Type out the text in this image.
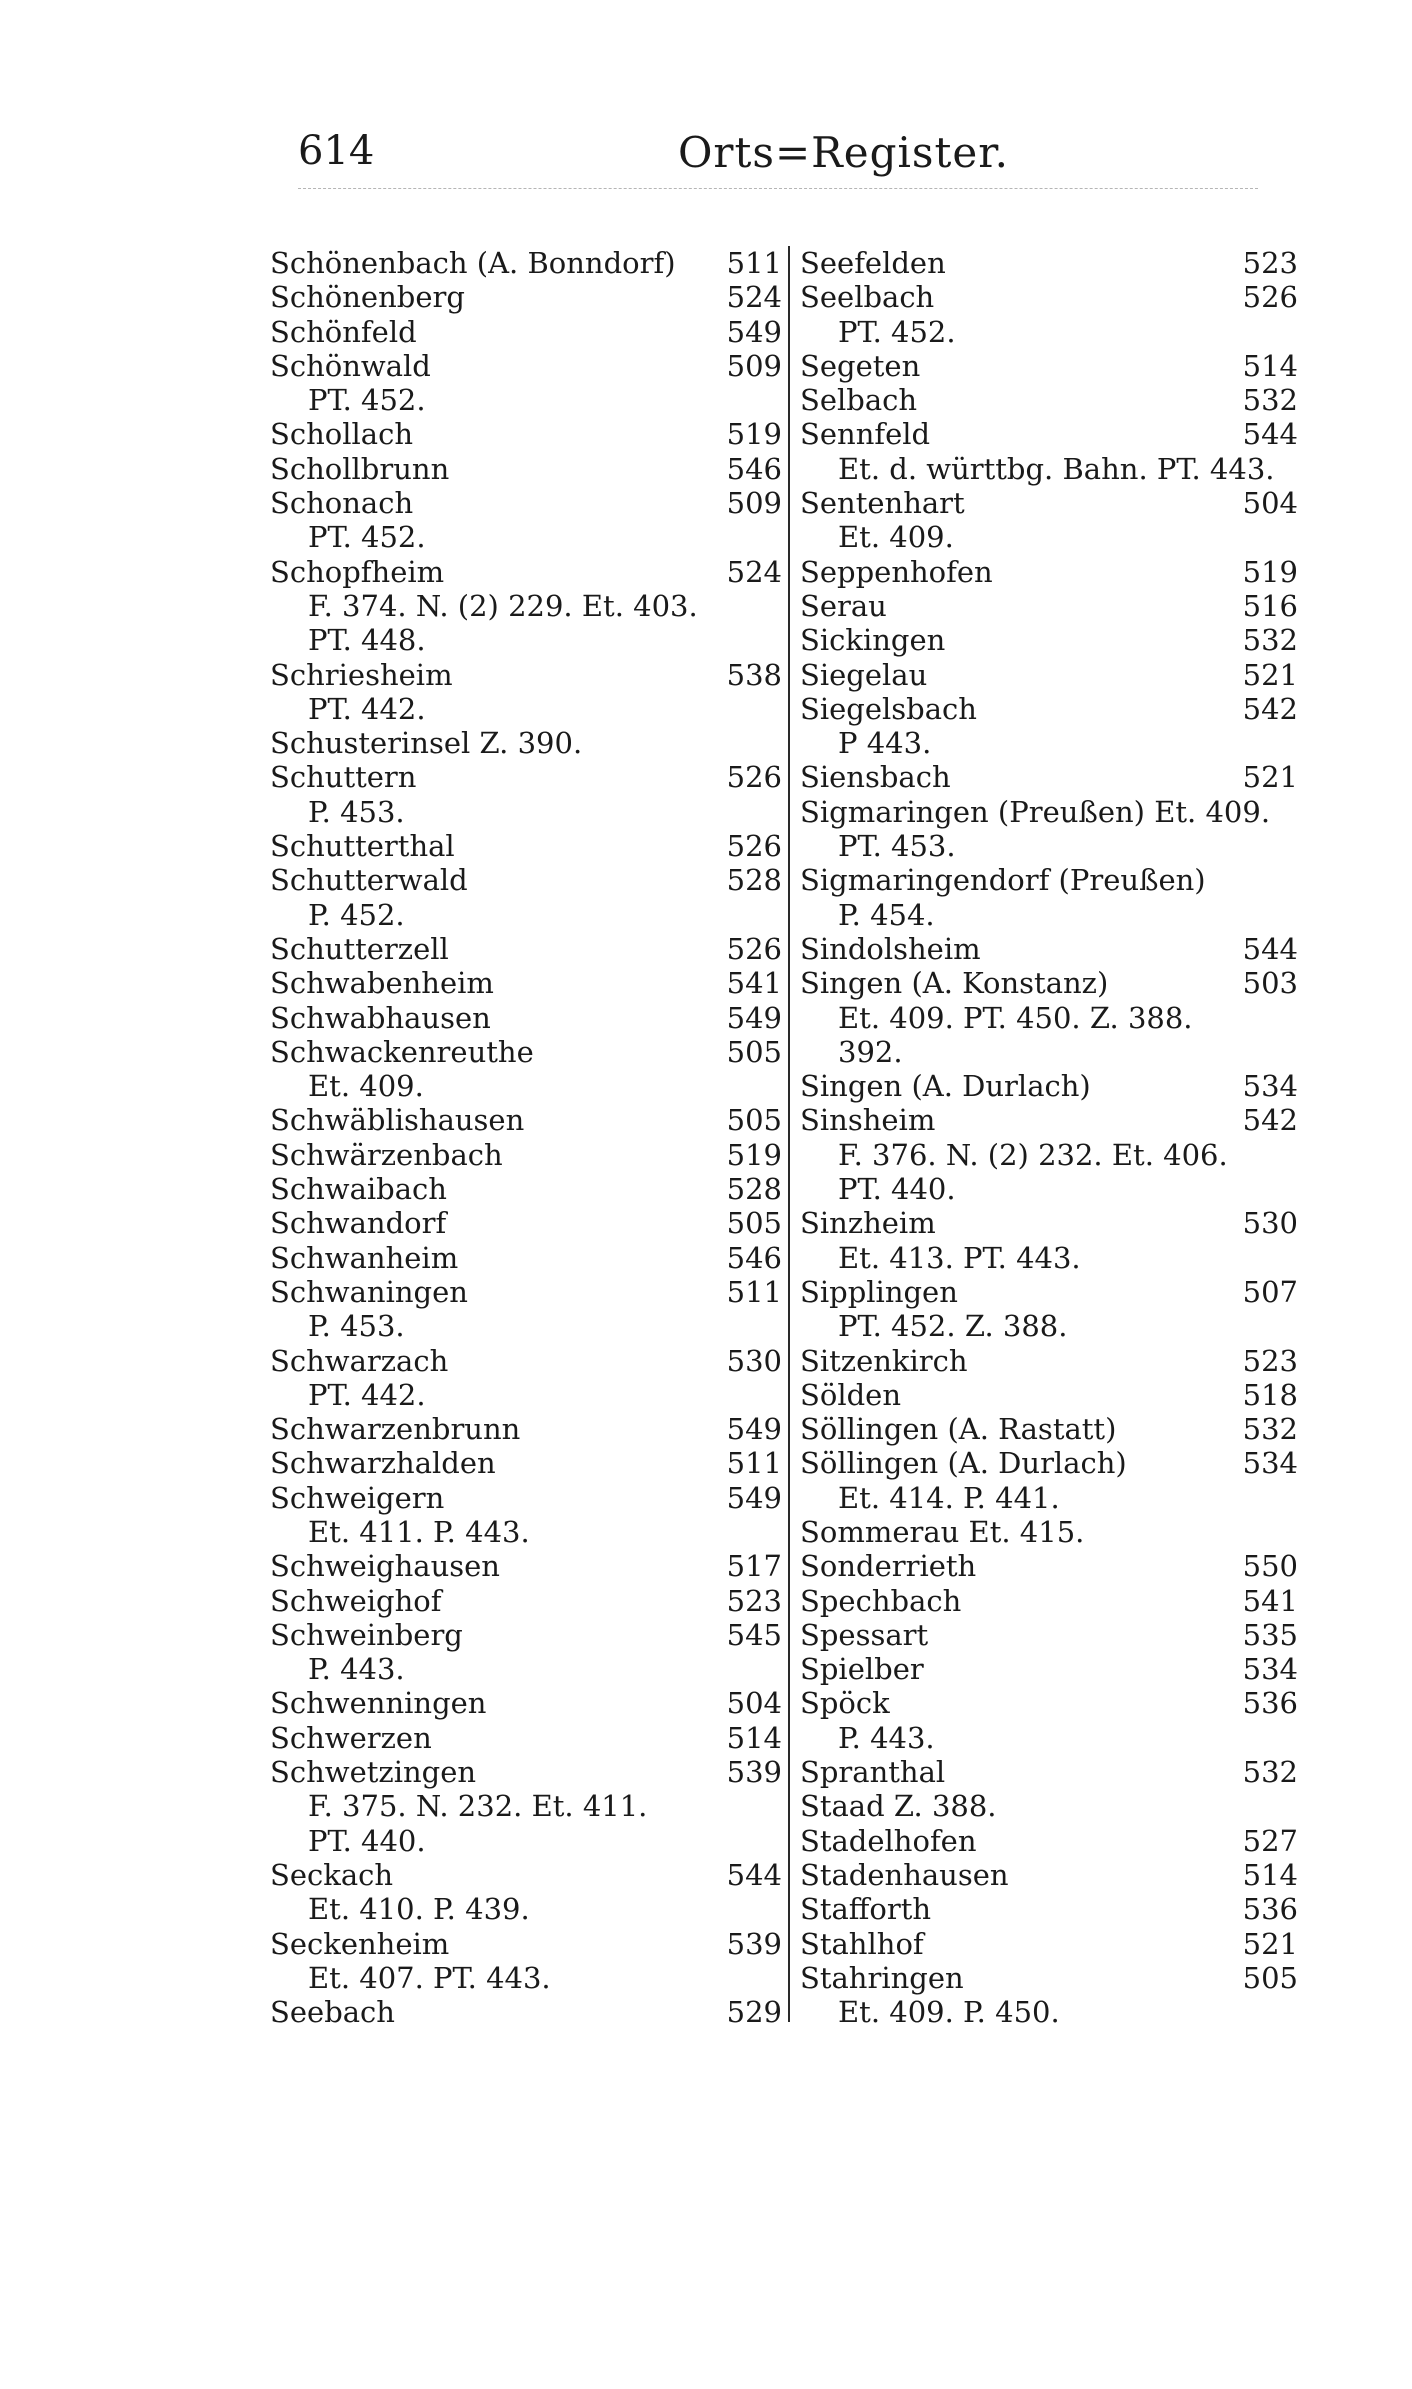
614	Orts=Register.
Schönenbach (A. Bonndorf) 511
Schönenberg	524
Schönfeld	549
Schönwald	509
PT. 452.
Schollach	519
Schollbrunn	546
Schonach	509
PT. 452.
Schopfheim	524
F. 374. N. (2) 229. Et. 403.
PT. 448.
Schriesheim	538
PT. 442.
Schusterinsel Z. 390.
Schuttern	526
P. 453.
Schutterthal	526
Schutterwald	528
P. 452.
Schutterzell	526
Schwabenheim	541
Schwabhausen	549
Schwackenreuthe	505
Et. 409.
Schwäblishausen	505
Schwärzenbach	519
Schwaibach	528
Schwandorf	505
Schwanheim	546
Schwaningen	511
P. 453.
Schwarzach	530
PT. 442.
Schwarzenbrunn	549
Schwarzhalden	511
Schweigern	549
Et. 411. P. 443.
Schweighausen	517
Schweighof	523
Schweinberg	545
P. 443.
Schwenningen	504
Schwerzen	514
Schwetzingen	539
F. 375. N. 232. Et. 411.
PT. 440.
Seckach	544
Et. 410. P. 439.
Seckenheim	539
Et. 407. PT. 443.
Seebach	529
Seefelden	523
Seelbach	526
PT. 452.
Segeten	514
Selbach	532
Sennfeld	544
Et. d. württbg. Bahn. PT. 443.
Sentenhart	504
Et. 409.
Seppenhofen	519
Serau	516
Sickingen	532
Siegelau	521
Siegelsbach	542
P 443.
Siensbach	521
Sigmaringen (Preußen) Et. 409.
PT. 453.
Sigmaringendorf (Preußen)
P. 454.
Sindolsheim	544
Singen (A. Konstanz)	503
Et. 409. PT. 450. Z. 388.
392.
Singen (A. Durlach)	534
Sinsheim	542
F. 376. N. (2) 232. Et. 406.
PT. 440.
Sinzheim	530
Et. 413. PT. 443.
Sipplingen	507
PT. 452. Z. 388.
Sitzenkirch	523
Sölden	518
Söllingen (A. Rastatt)	532
Söllingen (A. Durlach)	534
Et. 414. P. 441.
Sommerau Et. 415.
Sonderrieth	550
Spechbach	541
Spessart	535
Spielber	534
Spöck	536
P. 443.
Spranthal	532
Staad Z. 388.
Stadelhofen	527
Stadenhausen	514
Stafforth	536
Stahlhof	521
Stahringen	505
Et. 409. P. 450.
